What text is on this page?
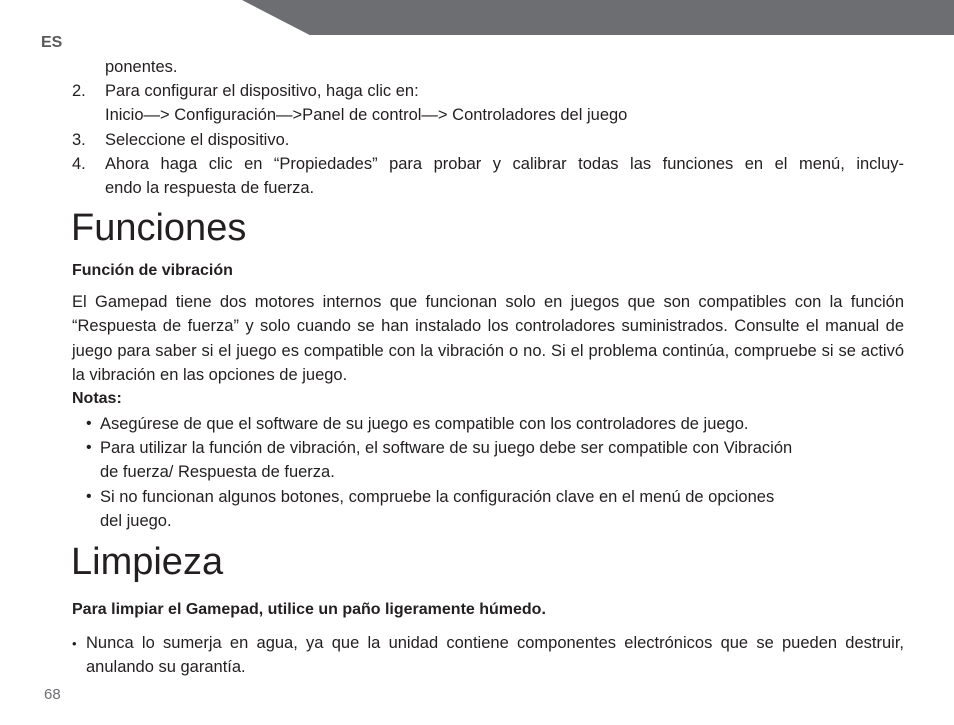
ES
ponentes.
2. Para configurar el dispositivo, haga clic en:
Inicio—> Configuración—>Panel de control—> Controladores del juego
3. Seleccione el dispositivo.
4. Ahora haga clic en “Propiedades” para probar y calibrar todas las funciones en el menú, incluy-
endo la respuesta de fuerza.
Funciones
Función de vibración
El Gamepad tiene dos motores internos que funcionan solo en juegos que son compatibles con la función “Respuesta de fuerza” y solo cuando se han instalado los controladores suministrados. Consulte el manual de juego para saber si el juego es compatible con la vibración o no. Si el problema continúa, compruebe si se activó la vibración en las opciones de juego.
Notas:
• Asegúrese de que el software de su juego es compatible con los controladores de juego.
• Para utilizar la función de vibración, el software de su juego debe ser compatible con Vibración
de fuerza/ Respuesta de fuerza.
• Si no funcionan algunos botones, compruebe la configuración clave en el menú de opciones
del juego.
Limpieza
Para limpiar el Gamepad, utilice un paño ligeramente húmedo.
• Nunca lo sumerja en agua, ya que la unidad contiene componentes electrónicos que se pueden destruir, anulando su garantía.
68
